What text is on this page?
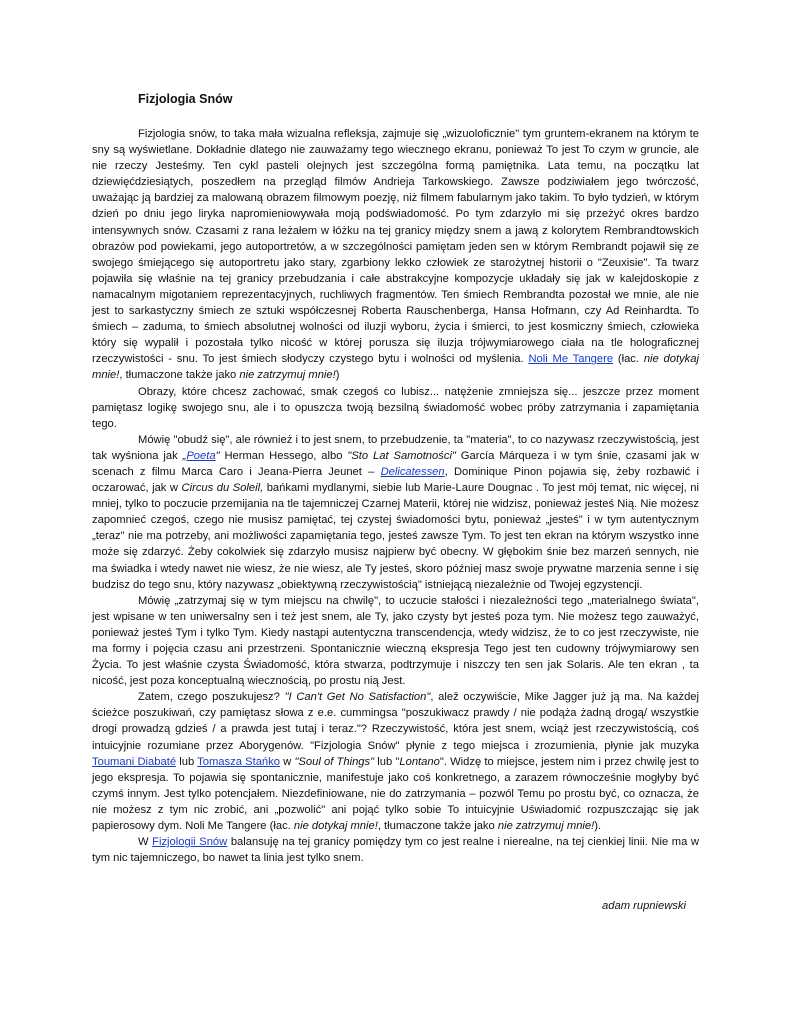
Fizjologia Snów

Fizjologia snów, to taka mała wizualna refleksja, zajmuje się „wizuoloficznie" tym gruntem-ekranem na którym te sny są wyświetlane. Dokładnie dlatego nie zauważamy tego wiecznego ekranu, ponieważ To jest To czym w gruncie, ale nie rzeczy Jesteśmy. Ten cykl pasteli olejnych jest szczególna formą pamiętnika. Lata temu, na początku lat dziewięćdziesiątych, poszedłem na przegląd filmów Andrieja Tarkowskiego. Zawsze podziwiałem jego twórczość, uważając ją bardziej za malowaną obrazem filmowym poezję, niż filmem fabularnym jako takim. To było tydzień, w którym dzień po dniu jego liryka napromieniowywała moją podświadomość. Po tym zdarzyło mi się przeżyć okres bardzo intensywnych snów. Czasami z rana leżałem w łóżku na tej granicy między snem a jawą z kolorytem Rembrandtowskich obrazów pod powiekami, jego autoportretów, a w szczególności pamiętam jeden sen w którym Rembrandt pojawił się ze swojego śmiejącego się autoportretu jako stary, zgarbiony lekko człowiek ze starożytnej historii o "Zeuxisie". Ta twarz pojawiła się właśnie na tej granicy przebudzania i całe abstrakcyjne kompozycje układały się jak w kalejdoskopie z namacalnym migotaniem reprezentacyjnych, ruchliwych fragmentów. Ten śmiech Rembrandta pozostał we mnie, ale nie jest to sarkastyczny śmiech ze sztuki współczesnej Roberta Rauschenberga, Hansa Hofmann, czy Ad Reinhardta. To śmiech – zaduma, to śmiech absolutnej wolności od iluzji wyboru, życia i śmierci, to jest kosmiczny śmiech, człowieka który się wypalił i pozostała tylko nicość w której porusza się iluzja trójwymiarowego ciała na tle holograficznej rzeczywistości - snu. To jest śmiech słodyczy czystego bytu i wolności od myślenia. Noli Me Tangere (łac. nie dotykaj mnie!, tłumaczone także jako nie zatrzymuj mnie!)

Obrazy, które chcesz zachować, smak czegoś co lubisz... natężenie zmniejsza się... jeszcze przez moment pamiętasz logikę swojego snu, ale i to opuszcza twoją bezsilną świadomość wobec próby zatrzymania i zapamiętania tego.

Mówię "obudź się", ale również i to jest snem, to przebudzenie, ta "materia", to co nazywasz rzeczywistością, jest tak wyśniona jak „Poeta" Herman Hessego, albo "Sto Lat Samotności" García Márqueza i w tym śnie, czasami jak w scenach z filmu Marca Caro i Jeana-Pierra Jeunet – Delicatessen, Dominique Pinon pojawia się, żeby rozbawić i oczarować, jak w Circus du Soleil, bańkami mydlanymi, siebie lub Marie-Laure Dougnac . To jest mój temat, nic więcej, ni mniej, tylko to poczucie przemijania na tle tajemniczej Czarnej Materii, której nie widzisz, ponieważ jesteś Nią. Nie możesz zapomnieć czegoś, czego nie musisz pamiętać, tej czystej świadomości bytu, ponieważ „jesteś" i w tym autentycznym „teraz" nie ma potrzeby, ani możliwości zapamiętania tego, jesteś zawsze Tym. To jest ten ekran na którym wszystko inne może się zdarzyć. Żeby cokolwiek się zdarzyło musisz najpierw być obecny. W głębokim śnie bez marzeń sennych, nie ma świadka i wtedy nawet nie wiesz, że nie wiesz, ale Ty jesteś, skoro później masz swoje prywatne marzenia senne i się budzisz do tego snu, który nazywasz „obiektywną rzeczywistością" istniejącą niezależnie od Twojej egzystencji.

Mówię „zatrzymaj się w tym miejscu na chwilę", to uczucie stałości i niezależności tego „materialnego świata", jest wpisane w ten uniwersalny sen i też jest snem, ale Ty, jako czysty byt jesteś poza tym. Nie możesz tego zauważyć, ponieważ jesteś Tym i tylko Tym. Kiedy nastąpi autentyczna transcendencja, wtedy widzisz, że to co jest rzeczywiste, nie ma formy i pojęcia czasu ani przestrzeni. Spontanicznie wieczną ekspresja Tego jest ten cudowny trójwymiarowy sen Życia. To jest właśnie czysta Świadomość, która stwarza, podtrzymuje i niszczy ten sen jak Solaris. Ale ten ekran , ta nicość, jest poza konceptualną wiecznością, po prostu nią Jest.

Zatem, czego poszukujesz? "I Can't Get No Satisfaction", alež oczywiście, Mike Jagger już ją ma. Na każdej ścieżce poszukiwań, czy pamiętasz słowa z e.e. cummingsa "poszukiwacz prawdy / nie podąża żadną drogą/ wszystkie drogi prowadzą gdzieś / a prawda jest tutaj i teraz."? Rzeczywistość, która jest snem, wciąż jest rzeczywistością, coś intuicyjnie rozumiane przez Aborygenów. "Fizjologia Snów" płynie z tego miejsca i zrozumienia, płynie jak muzyka Toumani Diabaté lub Tomasza Stańko w "Soul of Things" lub "Lontano". Widzę to miejsce, jestem nim i przez chwilę jest to jego ekspresja. To pojawia się spontanicznie, manifestuje jako coś konkretnego, a zarazem równocześnie mogłyby być czymś innym. Jest tylko potencjałem. Niezdefiniowane, nie do zatrzymania – pozwól Temu po prostu być, co oznacza, że nie możesz z tym nic zrobić, ani „pozwolić" ani pojąć tylko sobie To intuicyjnie Uświadomić rozpuszczając się jak papierosowy dym. Noli Me Tangere (łac. nie dotykaj mnie!, tłumaczone także jako nie zatrzymuj mnie!).

W Fizjologii Snów balansuję na tej granicy pomiędzy tym co jest realne i nierealne, na tej cienkiej linii. Nie ma w tym nic tajemniczego, bo nawet ta linia jest tylko snem.

adam rupniewski
